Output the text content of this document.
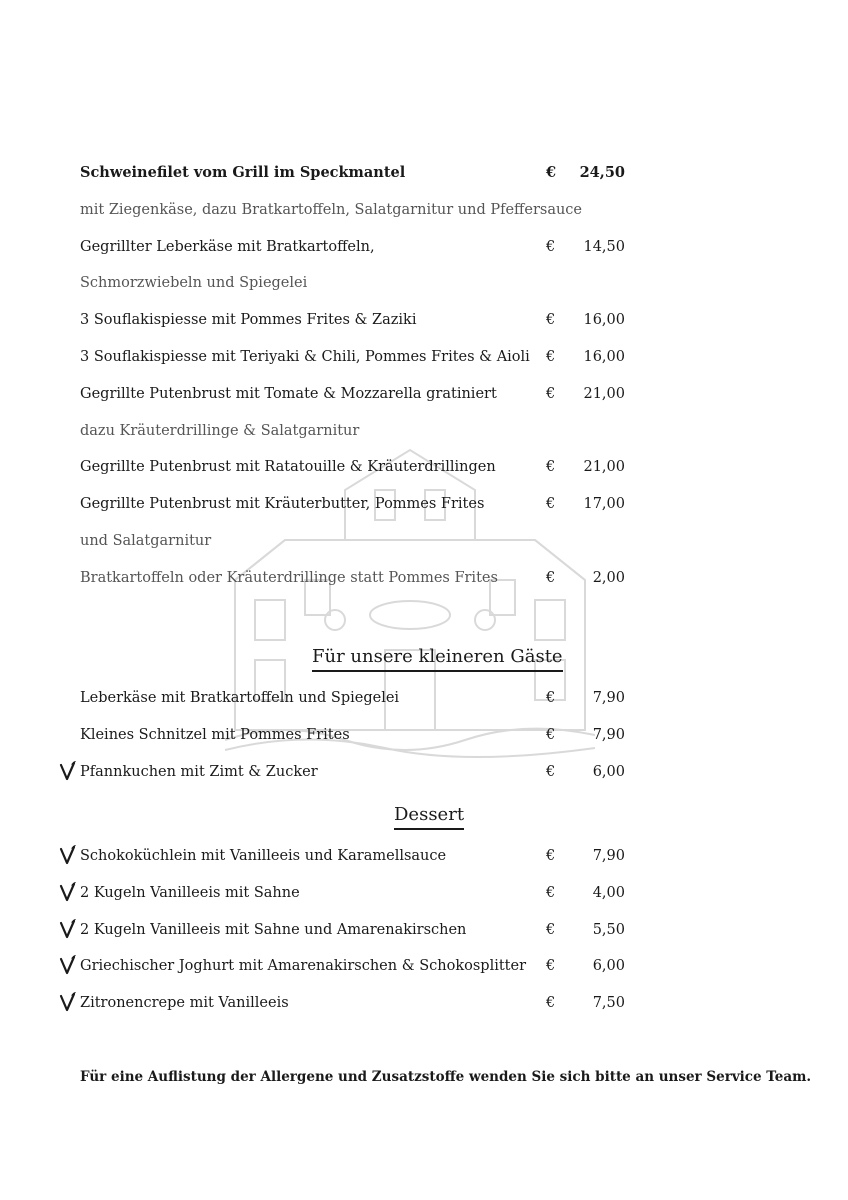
Schweinefilet vom Grill im Speckmantel	€ 24,50
mit Ziegenkäse, dazu Bratkartoffeln, Salatgarnitur und Pfeffersauce
Gegrillter Leberkäse mit Bratkartoffeln,	€ 14,50
Schmorzwiebeln und Spiegelei
3 Souflakispiesse mit Pommes Frites & Zaziki	€ 16,00
3 Souflakispiesse mit Teriyaki & Chili, Pommes Frites & Aioli € 16,00
Gegrillte Putenbrust mit Tomate & Mozzarella gratiniert	€ 21,00
dazu Kräuterdrillinge & Salatgarnitur
Gegrillte Putenbrust mit Ratatouille & Kräuterdrillingen	€ 21,00
Gegrillte Putenbrust mit Kräuterbutter, Pommes Frites	€ 17,00
und Salatgarnitur
Bratkartoffeln oder Kräuterdrillinge statt Pommes Frites	€	2,00
Für unsere kleineren Gäste
Leberkäse mit Bratkartoffeln und Spiegelei	€	7,90
Kleines Schnitzel mit Pommes Frites	€	7,90
Pfannkuchen mit Zimt & Zucker	€	6,00
Dessert
Schokoküchlein mit Vanilleeis und Karamellsauce	€	7,90
2 Kugeln Vanilleeis mit Sahne	€	4,00
2 Kugeln Vanilleeis mit Sahne und Amarenakirschen	€	5,50
Griechischer Joghurt mit Amarenakirschen & Schokosplitter €	6,00
Zitronencrepe mit Vanilleeis	€	7,50
Für eine Auflistung der Allergene und Zusatzstoffe wenden Sie sich bitte an unser Service Team.
